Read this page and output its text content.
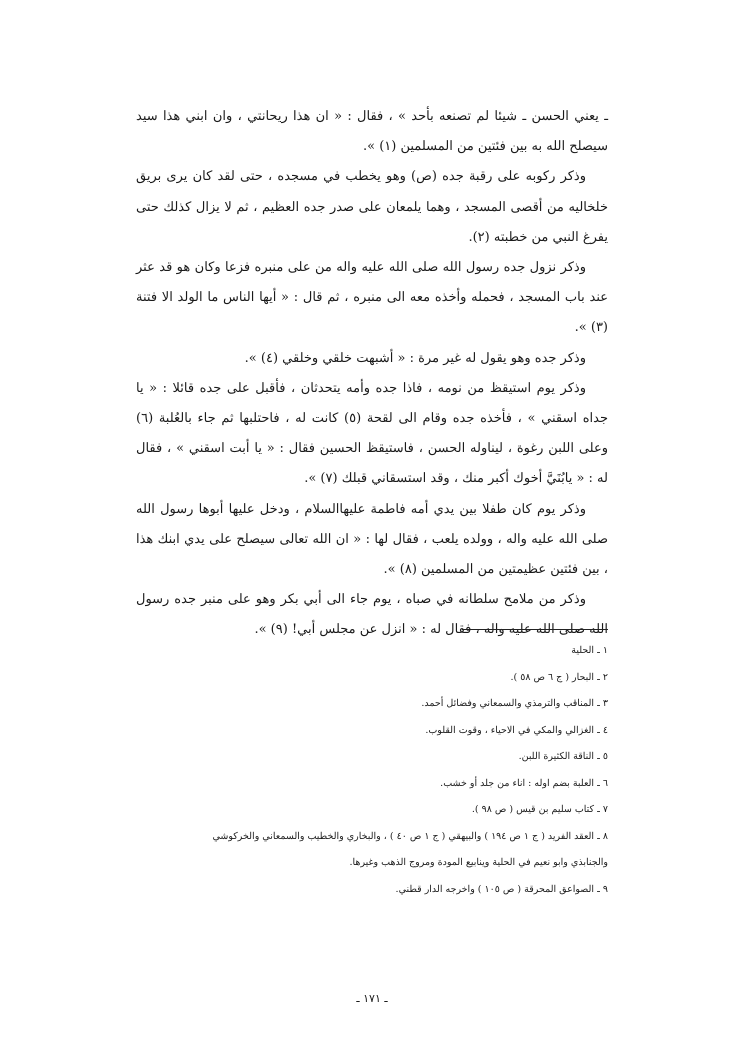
ـ يعني الحسن ـ شيئا لم تصنعه بأحد » ، فقال : « ان هذا ريحانتي ، وان ابني هذا سيد سيصلح الله به بين فئتين من المسلمين (١) ».

وذكر ركوبه على رقبة جده (ص) وهو يخطب في مسجده ، حتى لقد كان يرى بريق خلخاليه من أقصى المسجد ، وهما يلمعان على صدر جده العظيم ، ثم لا يزال كذلك حتى يفرغ النبي من خطبته (٢).

وذكر نزول جده رسول الله صلى الله عليه واله من على منبره فزعا وكان هو قد عثر عند باب المسجد ، فحمله وأخذه معه الى منبره ، ثم قال : « أيها الناس ما الولد الا فتنة (٣) ».

وذكر جده وهو يقول له غير مرة : « أشبهت خلقي وخلقي (٤) ».

وذكر يوم استيقظ من نومه ، فاذا جده وأمه يتحدثان ، فأقبل على جده قائلا : « يا جداه اسقني » ، فأخذه جده وقام الى لقحة (٥) كانت له ، فاحتلبها ثم جاء بالعُلبة (٦) وعلى اللبن رغوة ، ليناوله الحسن ، فاستيقظ الحسين فقال : « يا أبت اسقني » ، فقال له : « يابُنَيَّ أخوك أكبر منك ، وقد استسقاني قبلك (٧) ».

وذكر يوم كان طفلا بين يدي أمه فاطمة عليها‌السلام ، ودخل عليها أبوها رسول الله صلى الله عليه واله ، وولده يلعب ، فقال لها : « ان الله تعالى سيصلح على يدي ابنك هذا ، بين فئتين عظيمتين من المسلمين (٨) ».

وذكر من ملامح سلطانه في صباه ، يوم جاء الى أبي بكر وهو على منبر جده رسول الله صلى الله عليه واله ، فقال له : « انزل عن مجلس أبي! (٩) ».

١ ـ الحلية

٢ ـ البحار ( ج ٦ ص ٥٨ ).

٣ ـ المناقب والترمذي والسمعاني وفضائل أحمد.

٤ ـ الغزالي والمكي في الاحياء ، وقوت القلوب.

٥ ـ الناقة الكثيرة اللبن.

٦ ـ العلبة بضم اوله : اناء من جلد أو خشب.

٧ ـ كتاب سليم بن قيس ( ص ٩٨ ).

٨ ـ العقد الفريد ( ج ١ ص ١٩٤ ) والبيهقي ( ج ١ ص ٤٠ ) ، والبخاري والخطيب والسمعاني والخركوشي

والجنابذي وابو نعيم في الحلية وينابيع المودة ومروج الذهب وغيرها.

٩ ـ الصواعق المحرقة ( ص ١٠٥ ) واخرجه الدار قطني.

ـ ١٧١ ـ
